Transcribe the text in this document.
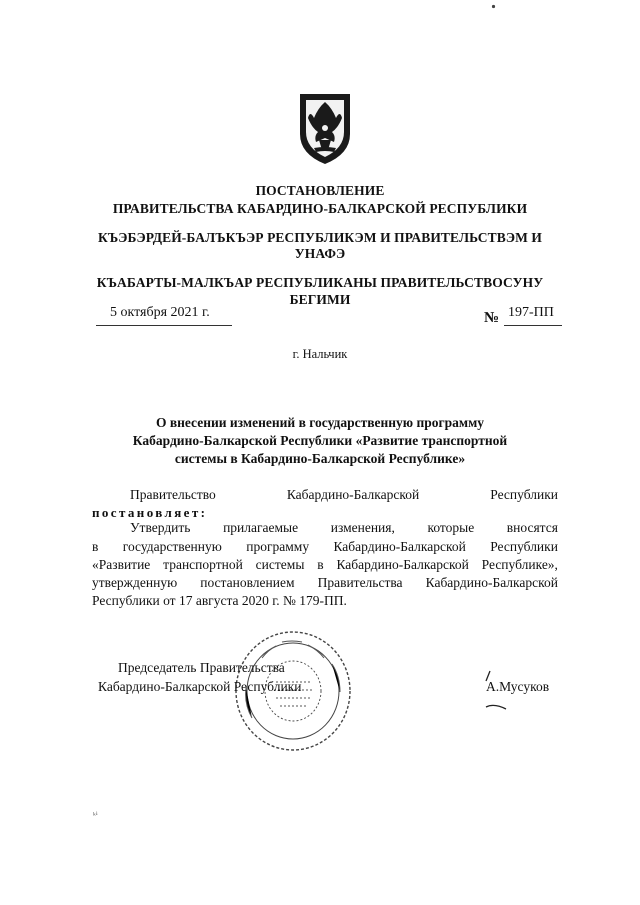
ПОСТАНОВЛЕНИЕ
ПРАВИТЕЛЬСТВА КАБАРДИНО-БАЛКАРСКОЙ РЕСПУБЛИКИ
КЪЭБЭРДЕЙ-БАЛЪКЪЭР РЕСПУБЛИКЭМ И ПРАВИТЕЛЬСТВЭМ И
УНАФЭ
КЪАБАРТЫ-МАЛКЪАР РЕСПУБЛИКАНЫ ПРАВИТЕЛЬСТВОСУНУ
БЕГИМИ
5 октября 2021 г.	№ 197-ПП
г. Нальчик
О внесении изменений в государственную программу
Кабардино-Балкарской Республики «Развитие транспортной
системы в Кабардино-Балкарской Республике»
Правительство	Кабардино-Балкарской	Республики
постановляет:
Утвердить прилагаемые изменения, которые вносятся
в государственную программу Кабардино-Балкарской Республики
«Развитие транспортной системы в Кабардино-Балкарской Республике»,
утвержденную постановлением Правительства Кабардино-Балкарской
Республики от 17 августа 2020 г. № 179-ПП.
Председатель Правительства
Кабардино-Балкарской Республики	А.Мусуков
ᵏⁱ
